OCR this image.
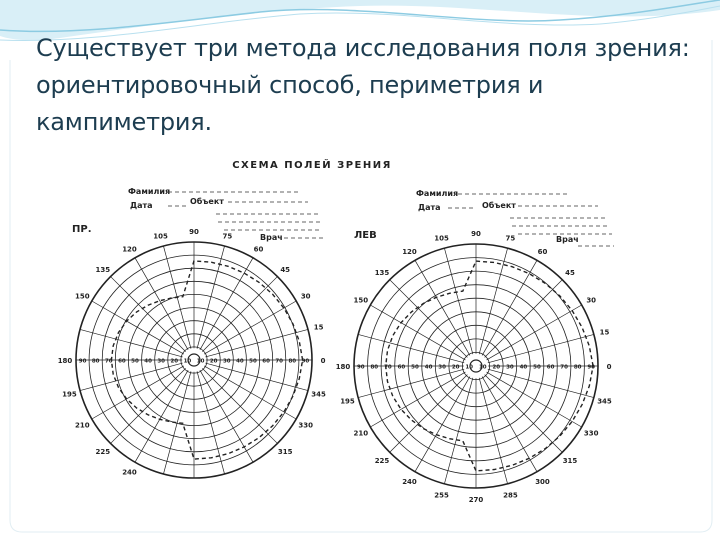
Существует три метода исследования поля зрения: ориентировочный способ, периметрия и кампиметрия.
СХЕМА ПОЛЕЙ ЗРЕНИЯ
Фамилия
Дата	Объект
Врач
Фамилия
Дата	Объект
Врач
ПР.
ЛЕВ
0
15
30
45
60
75
90
105
120
135
150
180
195
210
225
240
315
330
345
90
90	80
80	70
70	60
60	50
50	40
40	30
30	20
20	10
10
0
15
30
45
60
75
90
105
120
135
150
180
195
210
225
240
255
270
285
300
315
330
345
90
90	80
80	70
70	60
60	50
50	40
40	30
30	20
20	10
10
